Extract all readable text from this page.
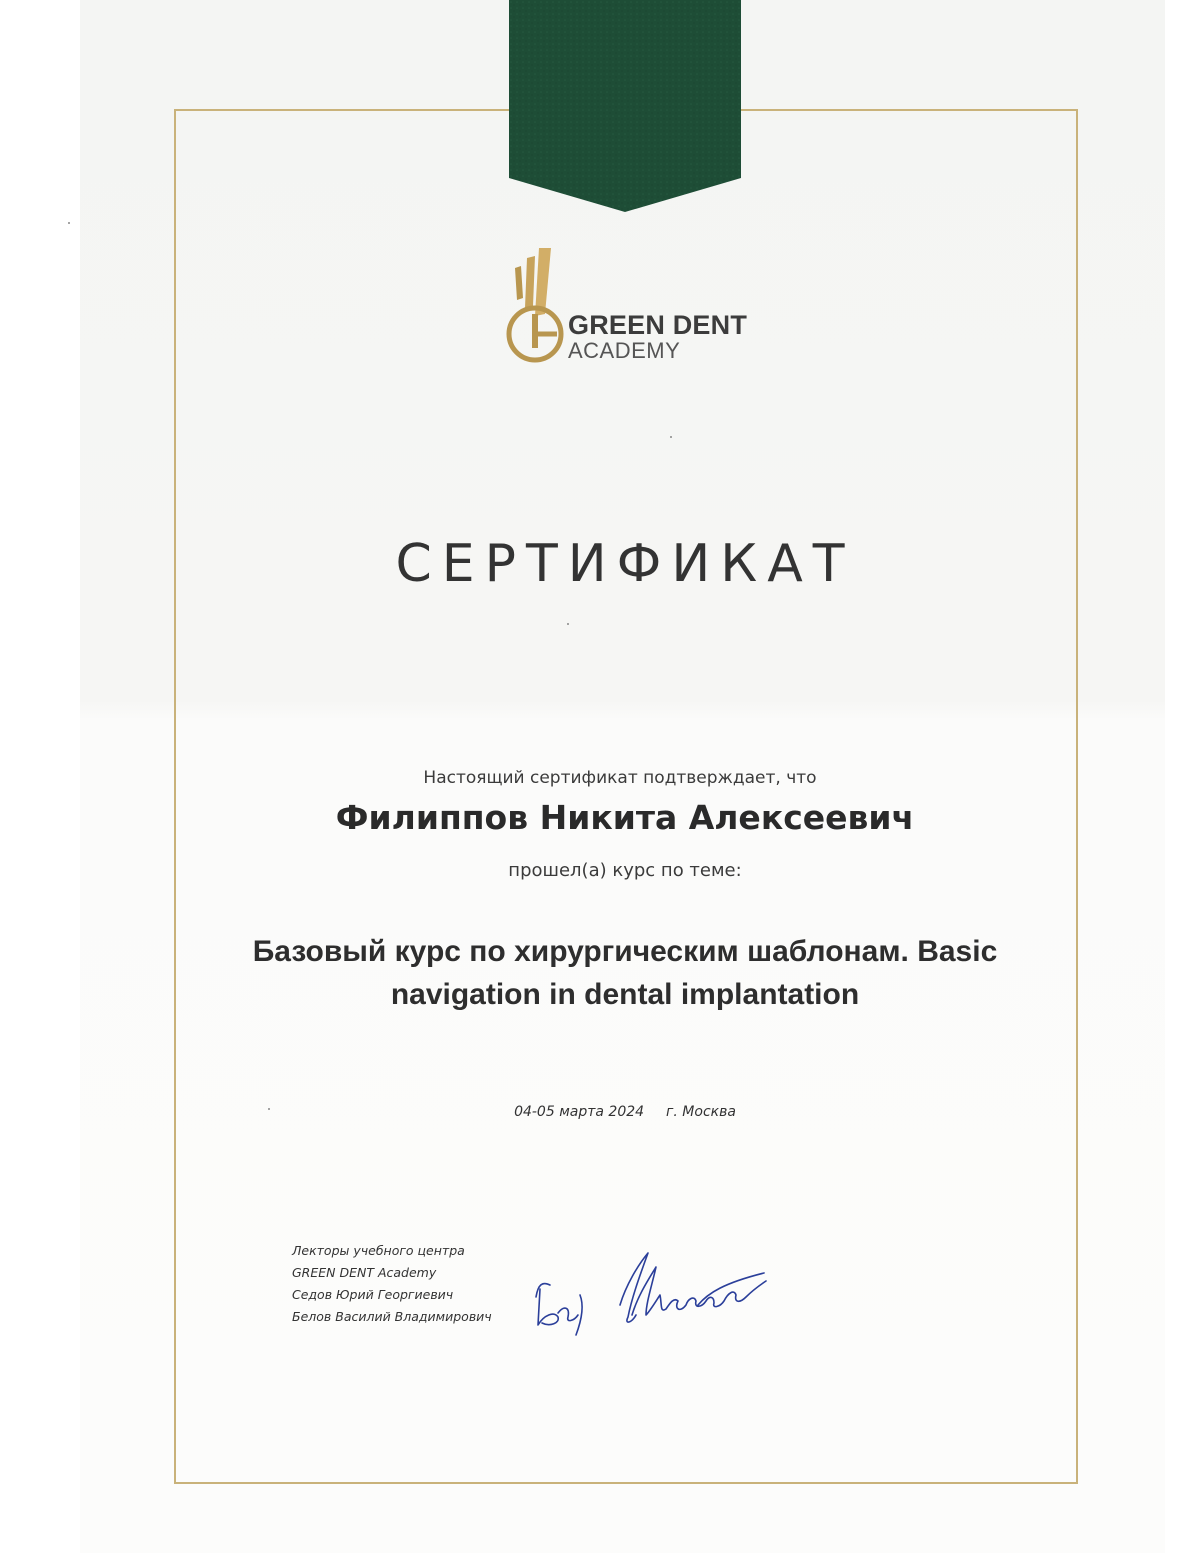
GREEN DENT
ACADEMY
СЕРТИФИКАТ
Настоящий сертификат подтверждает, что
Филиппов Никита Алексеевич
прошел(а) курс по теме:
Базовый курс по хирургическим шаблонам. Basic navigation in dental implantation
04-05 марта 2024 г. Москва
Лекторы учебного центра
GREEN DENT Academy
Седов Юрий Георгиевич
Белов Василий Владимирович
